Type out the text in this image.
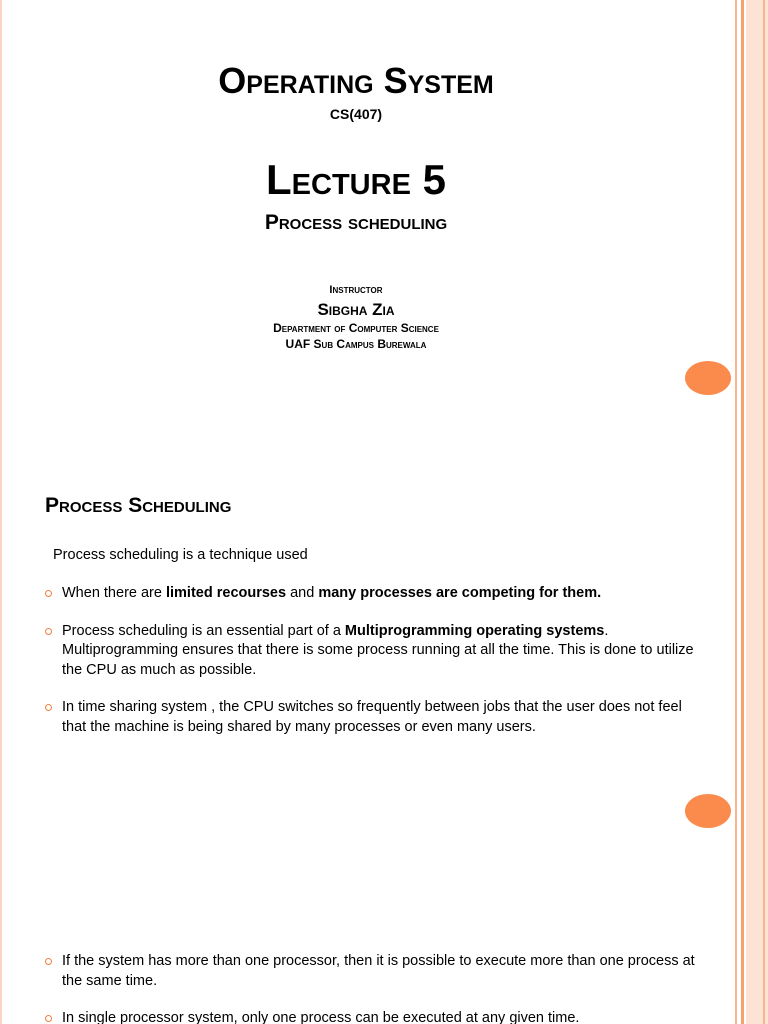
Operating System
CS(407)
Lecture 5
Process scheduling
Instructor
Sibgha Zia
Department of Computer Science
UAF Sub Campus Burewala
Process Scheduling
Process scheduling is a technique used
When there are limited recourses and many processes are competing for them.
Process scheduling is an essential part of a Multiprogramming operating systems. Multiprogramming ensures that there is some process running at all the time. This is done to utilize the CPU as much as possible.
In time sharing system , the CPU switches so frequently between jobs that the user does not feel that the machine is being shared by many processes or even many users.
If the system has more than one processor, then it is possible to execute more than one process at the same time.
In single processor system, only one process can be executed at any given time.
